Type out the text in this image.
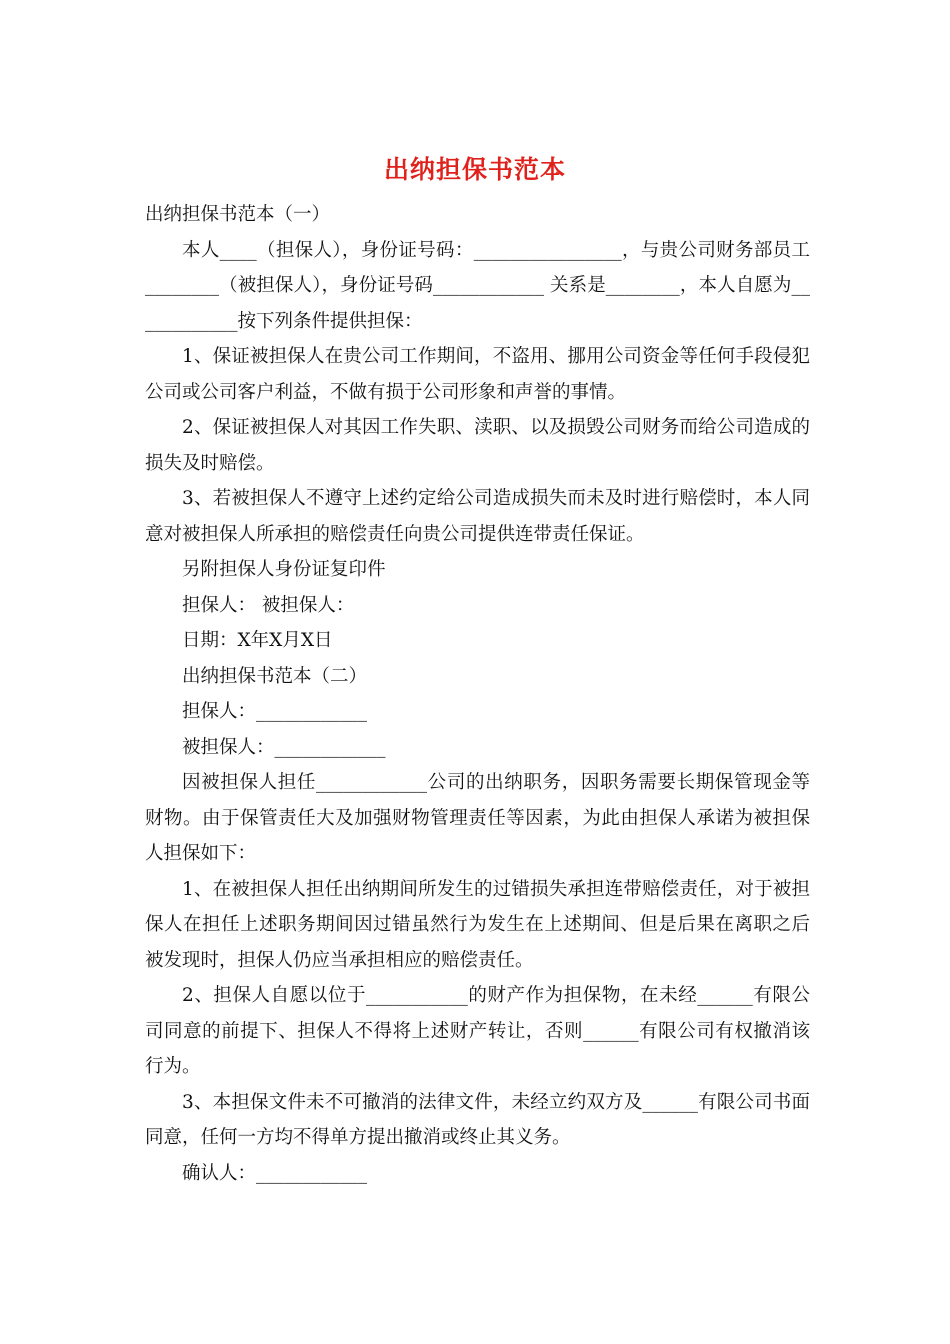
出纳担保书范本

出纳担保书范本（一）

本人____（担保人），身份证号码：________________，与贵公司财务部员工________（被担保人），身份证号码____________ 关系是________，本人自愿为____________按下列条件提供担保：

1、保证被担保人在贵公司工作期间，不盗用、挪用公司资金等任何手段侵犯公司或公司客户利益，不做有损于公司形象和声誉的事情。

2、保证被担保人对其因工作失职、渎职、以及损毁公司财务而给公司造成的损失及时赔偿。

3、若被担保人不遵守上述约定给公司造成损失而未及时进行赔偿时，本人同意对被担保人所承担的赔偿责任向贵公司提供连带责任保证。

另附担保人身份证复印件

担保人： 被担保人：

日期：X年X月X日

出纳担保书范本（二）

担保人：____________

被担保人：____________

因被担保人担任____________公司的出纳职务，因职务需要长期保管现金等财物。由于保管责任大及加强财物管理责任等因素，为此由担保人承诺为被担保人担保如下：

1、在被担保人担任出纳期间所发生的过错损失承担连带赔偿责任，对于被担保人在担任上述职务期间因过错虽然行为发生在上述期间、但是后果在离职之后被发现时，担保人仍应当承担相应的赔偿责任。

2、担保人自愿以位于___________的财产作为担保物，在未经______有限公司同意的前提下、担保人不得将上述财产转让，否则______有限公司有权撤消该行为。

3、本担保文件未不可撤消的法律文件，未经立约双方及______有限公司书面同意，任何一方均不得单方提出撤消或终止其义务。

确认人：____________
